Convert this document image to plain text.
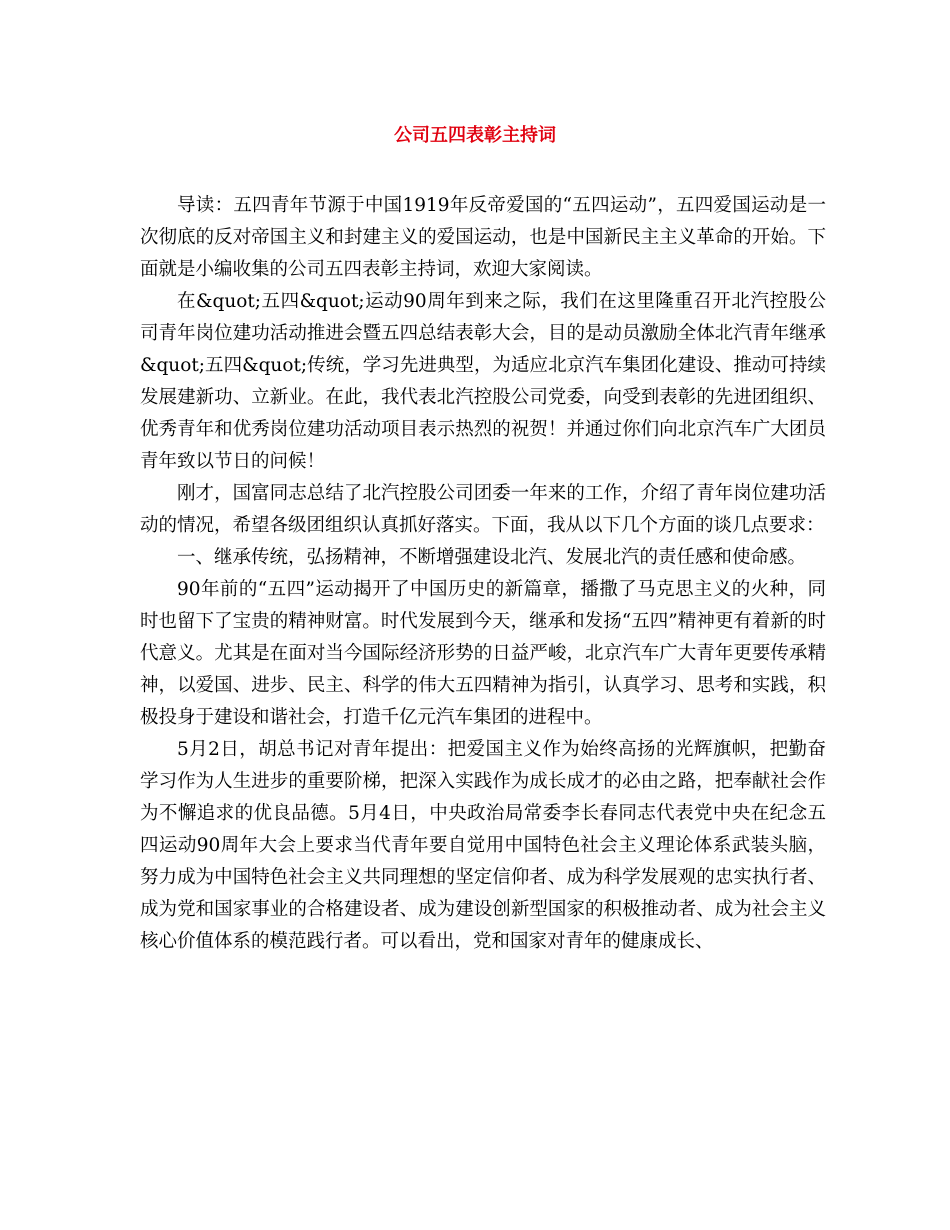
公司五四表彰主持词

导读：五四青年节源于中国1919年反帝爱国的“五四运动”，五四爱国运动是一次彻底的反对帝国主义和封建主义的爱国运动，也是中国新民主主义革命的开始。下面就是小编收集的公司五四表彰主持词，欢迎大家阅读。

在&quot;五四&quot;运动90周年到来之际，我们在这里隆重召开北汽控股公司青年岗位建功活动推进会暨五四总结表彰大会，目的是动员激励全体北汽青年继承&quot;五四&quot;传统，学习先进典型，为适应北京汽车集团化建设、推动可持续发展建新功、立新业。在此，我代表北汽控股公司党委，向受到表彰的先进团组织、优秀青年和优秀岗位建功活动项目表示热烈的祝贺！并通过你们向北京汽车广大团员青年致以节日的问候！

刚才，国富同志总结了北汽控股公司团委一年来的工作，介绍了青年岗位建功活动的情况，希望各级团组织认真抓好落实。下面，我从以下几个方面的谈几点要求：

一、继承传统，弘扬精神，不断增强建设北汽、发展北汽的责任感和使命感。

90年前的“五四”运动揭开了中国历史的新篇章，播撒了马克思主义的火种，同时也留下了宝贵的精神财富。时代发展到今天，继承和发扬“五四”精神更有着新的时代意义。尤其是在面对当今国际经济形势的日益严峻，北京汽车广大青年更要传承精神，以爱国、进步、民主、科学的伟大五四精神为指引，认真学习、思考和实践，积极投身于建设和谐社会，打造千亿元汽车集团的进程中。

5月2日，胡总书记对青年提出：把爱国主义作为始终高扬的光辉旗帜，把勤奋学习作为人生进步的重要阶梯，把深入实践作为成长成才的必由之路，把奉献社会作为不懈追求的优良品德。5月4日，中央政治局常委李长春同志代表党中央在纪念五四运动90周年大会上要求当代青年要自觉用中国特色社会主义理论体系武装头脑，努力成为中国特色社会主义共同理想的坚定信仰者、成为科学发展观的忠实执行者、成为党和国家事业的合格建设者、成为建设创新型国家的积极推动者、成为社会主义核心价值体系的模范践行者。可以看出，党和国家对青年的健康成长、
